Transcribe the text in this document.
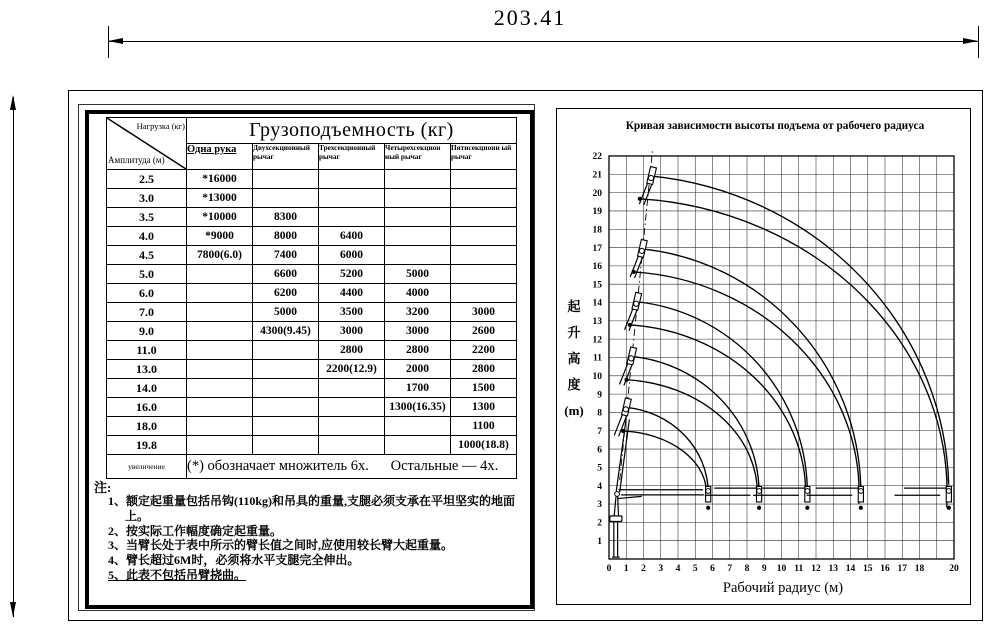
203.41
Нагрузка (кг)
Амплитуда (м)	Грузоподъемность (кг)				
	Одна рука	Двухсекционный рычаг	Трехсекционный рычаг	Четырехсекцион ный рычаг	Пятисекционн ый рычаг
2.5	*16000				
3.0	*13000				
3.5	*10000	8300			
4.0	*9000	8000	6400		
4.5	7800(6.0)	7400	6000		
5.0		6600	5200	5000	
6.0		6200	4400	4000	
7.0		5000	3500	3200	3000
9.0		4300(9.45)	3000	3000	2600
11.0			2800	2800	2200
13.0			2200(12.9)	2000	2800
14.0				1700	1500
16.0				1300(16.35)	1300
18.0					1100
19.8					1000(18.8)
увеличение	(*) обозначает множитель 6х.  Остальные — 4х.				
注:
1、额定起重量包括吊钩(110kg)和吊具的重量,支腿必须支承在平坦坚实的地面上。
2、按实际工作幅度确定起重量。
3、当臂长处于表中所示的臂长值之间时,应使用较长臂大起重量。
4、臂长超过6M时，必须将水平支腿完全伸出。
5、此表不包括吊臂挠曲。
1
2
3
4
5
6
7
8
9
10
11
12
13
14
15
16
17
18
19
20
21
22
0 1 2 3 4 5 6 7 8 9 10 11 12 13 14 15 16 17 18	20
Кривая зависимости высоты подъема от рабочего радиуса
Рабочий радиус (м)
起
升
高
度
(m)
